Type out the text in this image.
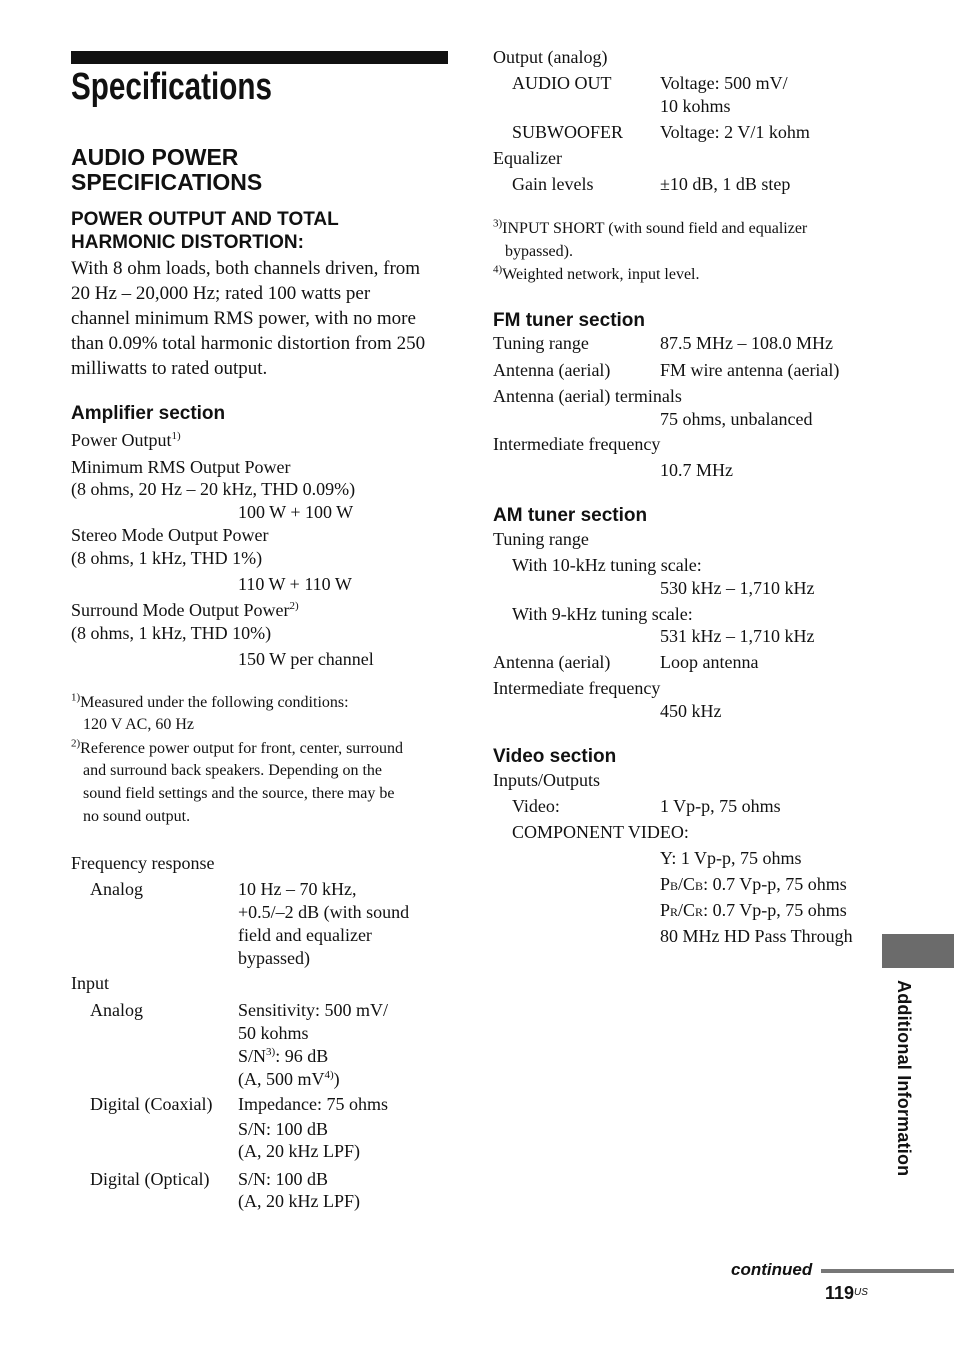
Specifications
AUDIO POWER
SPECIFICATIONS
POWER OUTPUT AND TOTAL
HARMONIC DISTORTION:
With 8 ohm loads, both channels driven, from
20 Hz – 20,000 Hz; rated 100 watts per
channel minimum RMS power, with no more
than 0.09% total harmonic distortion from 250
milliwatts to rated output.
Amplifier section
Power Output$^{1)}$
Minimum RMS Output Power
(8 ohms, 20 Hz – 20 kHz, THD 0.09%)
100 W + 100 W
Stereo Mode Output Power
(8 ohms, 1 kHz, THD 1%)
110 W + 110 W
Surround Mode Output Power$^{2)}$
(8 ohms, 1 kHz, THD 10%)
150 W per channel
$^{1)}$Measured under the following conditions:
120 V AC, 60 Hz
$^{2)}$Reference power output for front, center, surround
and surround back speakers. Depending on the
sound field settings and the source, there may be
no sound output.
Frequency response
Analog	10 Hz – 70 kHz,
+0.5/–2 dB (with sound
field and equalizer
bypassed)
Input
Analog	Sensitivity: 500 mV/
50 kohms
$S/N^{3)}$: 96 dB
(A, 500 $mV^{4)}$)
Digital (Coaxial) Impedance: 75 ohms
S/N: 100 dB
(A, 20 kHz LPF)
Digital (Optical) S/N: 100 dB
(A, 20 kHz LPF)
Output (analog)
AUDIO OUT	Voltage: 500 mV/
10 kohms
SUBWOOFER Voltage: 2 V/1 kohm
Equalizer
Gain levels	±10 dB, 1 dB step
$^{3)}$INPUT SHORT (with sound field and equalizer
bypassed).
$^{4)}$Weighted network, input level.
FM tuner section
Tuning range	87.5 MHz – 108.0 MHz
Antenna (aerial)	FM wire antenna (aerial)
Antenna (aerial) terminals
75 ohms, unbalanced
Intermediate frequency
10.7 MHz
AM tuner section
Tuning range
With 10-kHz tuning scale:
530 kHz – 1,710 kHz
With 9-kHz tuning scale:
531 kHz – 1,710 kHz
Antenna (aerial)	Loop antenna
Intermediate frequency
450 kHz
Video section
Inputs/Outputs
Video:	1 Vp-p, 75 ohms
COMPONENT VIDEO:
Y: 1 Vp-p, 75 ohms
PB/CB: 0.7 Vp-p, 75 ohms
PR/CR: 0.7 Vp-p, 75 ohms
80 MHz HD Pass Through
Additional Information
continued
$119^{US}$
